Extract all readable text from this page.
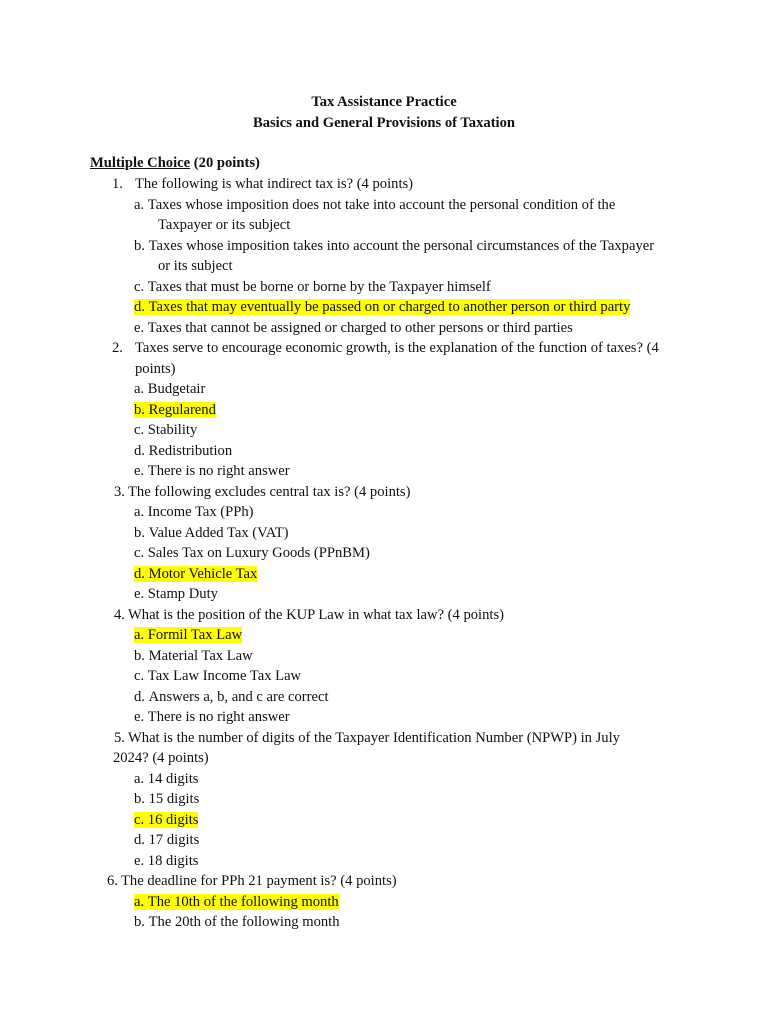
Tax Assistance Practice
Basics and General Provisions of Taxation
Multiple Choice (20 points)
1. The following is what indirect tax is? (4 points)
a. Taxes whose imposition does not take into account the personal condition of the
Taxpayer or its subject
b. Taxes whose imposition takes into account the personal circumstances of the Taxpayer
or its subject
c. Taxes that must be borne or borne by the Taxpayer himself
d. Taxes that may eventually be passed on or charged to another person or third party
e. Taxes that cannot be assigned or charged to other persons or third parties
2. Taxes serve to encourage economic growth, is the explanation of the function of taxes? (4
points)
a. Budgetair
b. Regularend
c. Stability
d. Redistribution
e. There is no right answer
3. The following excludes central tax is? (4 points)
a. Income Tax (PPh)
b. Value Added Tax (VAT)
c. Sales Tax on Luxury Goods (PPnBM)
d. Motor Vehicle Tax
e. Stamp Duty
4. What is the position of the KUP Law in what tax law? (4 points)
a. Formil Tax Law
b. Material Tax Law
c. Tax Law Income Tax Law
d. Answers a, b, and c are correct
e. There is no right answer
5. What is the number of digits of the Taxpayer Identification Number (NPWP) in July
2024? (4 points)
a. 14 digits
b. 15 digits
c. 16 digits
d. 17 digits
e. 18 digits
6. The deadline for PPh 21 payment is? (4 points)
a. The 10th of the following month
b. The 20th of the following month
